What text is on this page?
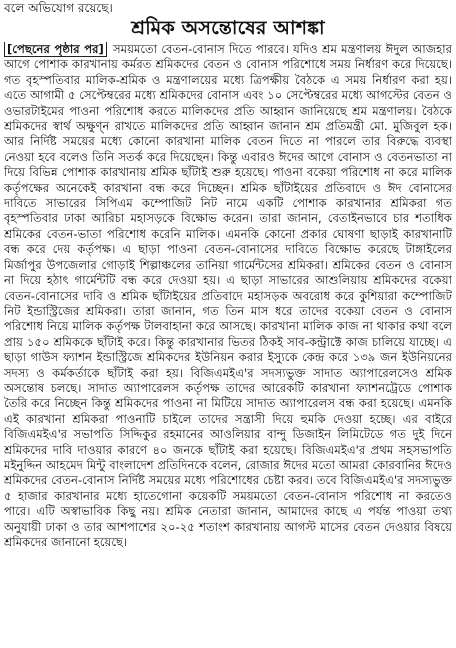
বলে অভিযোগ রয়েছে।

শ্রমিক অসন্তোষের আশঙ্কা

[পেছনের পৃষ্ঠার পর] সময়মতো বেতন-বোনাস দিতে পারবে। যদিও শ্রম মন্ত্রণালয় ঈদুল আজহার আগে পোশাক কারখানায় কর্মরত শ্রমিকদের বেতন ও বোনাস পরিশোধে সময় নির্ধারণ করে দিয়েছে। গত বৃহস্পতিবার মালিক-শ্রমিক ও মন্ত্রণালয়ের মধ্যে ত্রিপক্ষীয় বৈঠকে এ সময় নির্ধারণ করা হয়। এতে আগামী ৫ সেপ্টেম্বরের মধ্যে শ্রমিকদের বোনাস এবং ১০ সেপ্টেম্বরের মধ্যে আগস্টের বেতন ও ওভারটাইমের পাওনা পরিশোধ করতে মালিকদের প্রতি আহ্বান জানিয়েছে শ্রম মন্ত্রণালয়। বৈঠকে শ্রমিকদের স্বার্থ অক্ষুণ্ন রাখতে মালিকদের প্রতি আহ্বান জানান শ্রম প্রতিমন্ত্রী মো. মুজিবুল হক। আর নির্দিষ্ট সময়ের মধ্যে কোনো কারখানা মালিক বেতন দিতে না পারলে তার বিরুদ্ধে ব্যবস্থা নেওয়া হবে বলেও তিনি সতর্ক করে দিয়েছেন। কিন্তু এবারও ঈদের আগে বোনাস ও বেতনভাতা না দিয়ে বিভিন্ন পোশাক কারখানায় শ্রমিক ছাঁটাই শুরু হয়েছে। পাওনা বকেয়া পরিশোধ না করে মালিক কর্তৃপক্ষের অনেকেই কারখানা বন্ধ করে দিচ্ছেন। শ্রমিক ছাঁটাইয়ের প্রতিবাদে ও ঈদ বোনাসের দাবিতে সাভারের সিপিএম কম্পোজিট নিট নামে একটি পোশাক কারখানার শ্রমিকরা গত বৃহস্পতিবার ঢাকা আরিচা মহাসড়কে বিক্ষোভ করেন। তারা জানান, বেতাইনভাবে চার শতাধিক শ্রমিকের বেতন-ভাতা পরিশোধ করেনি মালিক। এমনকি কোনো প্রকার ঘোষণা ছাড়াই কারখানাটি বন্ধ করে দেয় কর্তৃপক্ষ। এ ছাড়া পাওনা বেতন-বোনাসের দাবিতে বিক্ষোভ করেছে টাঙ্গাইলের মির্জাপুর উপজেলার গোড়াই শিল্পাঞ্চলের তানিয়া গার্মেন্টসের শ্রমিকরা। শ্রমিকের বেতন ও বোনাস না দিয়ে হঠাৎ গার্মেন্টটি বন্ধ করে দেওয়া হয়। এ ছাড়া সাভারের আশুলিয়ায় শ্রমিকদের বকেয়া বেতন-বোনাসের দাবি ও শ্রমিক ছাঁটাইয়ের প্রতিবাদে মহাসড়ক অবরোধ করে কুশিয়ারা কম্পোজিট নিট ইন্ডাস্ট্রিজের শ্রমিকরা। তারা জানান, গত তিন মাস ধরে তাদের বকেয়া বেতন ও বোনাস পরিশোধ নিয়ে মালিক কর্তৃপক্ষ টালবাহানা করে আসছে। কারখানা মালিক কাজ না থাকার কথা বলে প্রায় ১৫০ শ্রমিককে ছাঁটাই করে। কিন্তু কারখানার ভিতর ঠিকই সাব-কন্ট্রাক্টে কাজ চালিয়ে যাচ্ছে। এ ছাড়া গাউস ফ্যাশন ইন্ডাস্ট্রিজে শ্রমিকদের ইউনিয়ন করার ইস্যুকে কেন্দ্র করে ১৩৯ জন ইউনিয়নের সদস্য ও কর্মকর্তাকে ছাঁটাই করা হয়। বিজিএমইএ'র সদস্যভুক্ত সাদাত অ্যাপারেলসেও শ্রমিক অসন্তোষ চলছে। সাদাত অ্যাপারেলস কর্তৃপক্ষ তাদের আরেকটি কারখানা ফ্যাশনট্রেডে পোশাক তৈরি করে নিচ্ছেন কিন্তু শ্রমিকদের পাওনা না মিটিয়ে সাদাত অ্যাপারেলস বন্ধ করা হয়েছে। এমনকি এই কারখানা শ্রমিকরা পাওনাটি চাইলে তাদের সন্ত্রাসী দিয়ে হুমকি দেওয়া হচ্ছে। এর বাইরে বিজিএমইএ'র সভাপতি সিদ্দিকুর রহমানের আওলিয়ার বান্দু ডিজাইন লিমিটেডে গত দুই দিনে শ্রমিকদের দাবি দাওয়ার কারণে ৪০ জনকে ছাঁটাই করা হয়েছে। বিজিএমইএ'র প্রথম সহসভাপতি মইনুদ্দিন আহমেদ মিন্টু বাংলাদেশ প্রতিদিনকে বলেন, রোজার ঈদের মতো আমরা কোরবানির ঈদেও শ্রমিকদের বেতন-বোনাস নির্দিষ্ট সময়ের মধ্যে পরিশোধের চেষ্টা করব। তবে বিজিএমইএ'র সদস্যভুক্ত ৫ হাজার কারখানার মধ্যে হাতেগোনা কয়েকটি সময়মতো বেতন-বোনাস পরিশোধ না করতেও পারে। এটি অস্বাভাবিক কিছু নয়। শ্রমিক নেতারা জানান, আমাদের কাছে এ পর্যন্ত পাওয়া তথ্য অনুযায়ী ঢাকা ও তার আশপাশের ২০-২৫ শতাংশ কারখানায় আগস্ট মাসের বেতন দেওয়ার বিষয়ে শ্রমিকদের জানানো হয়েছে।
